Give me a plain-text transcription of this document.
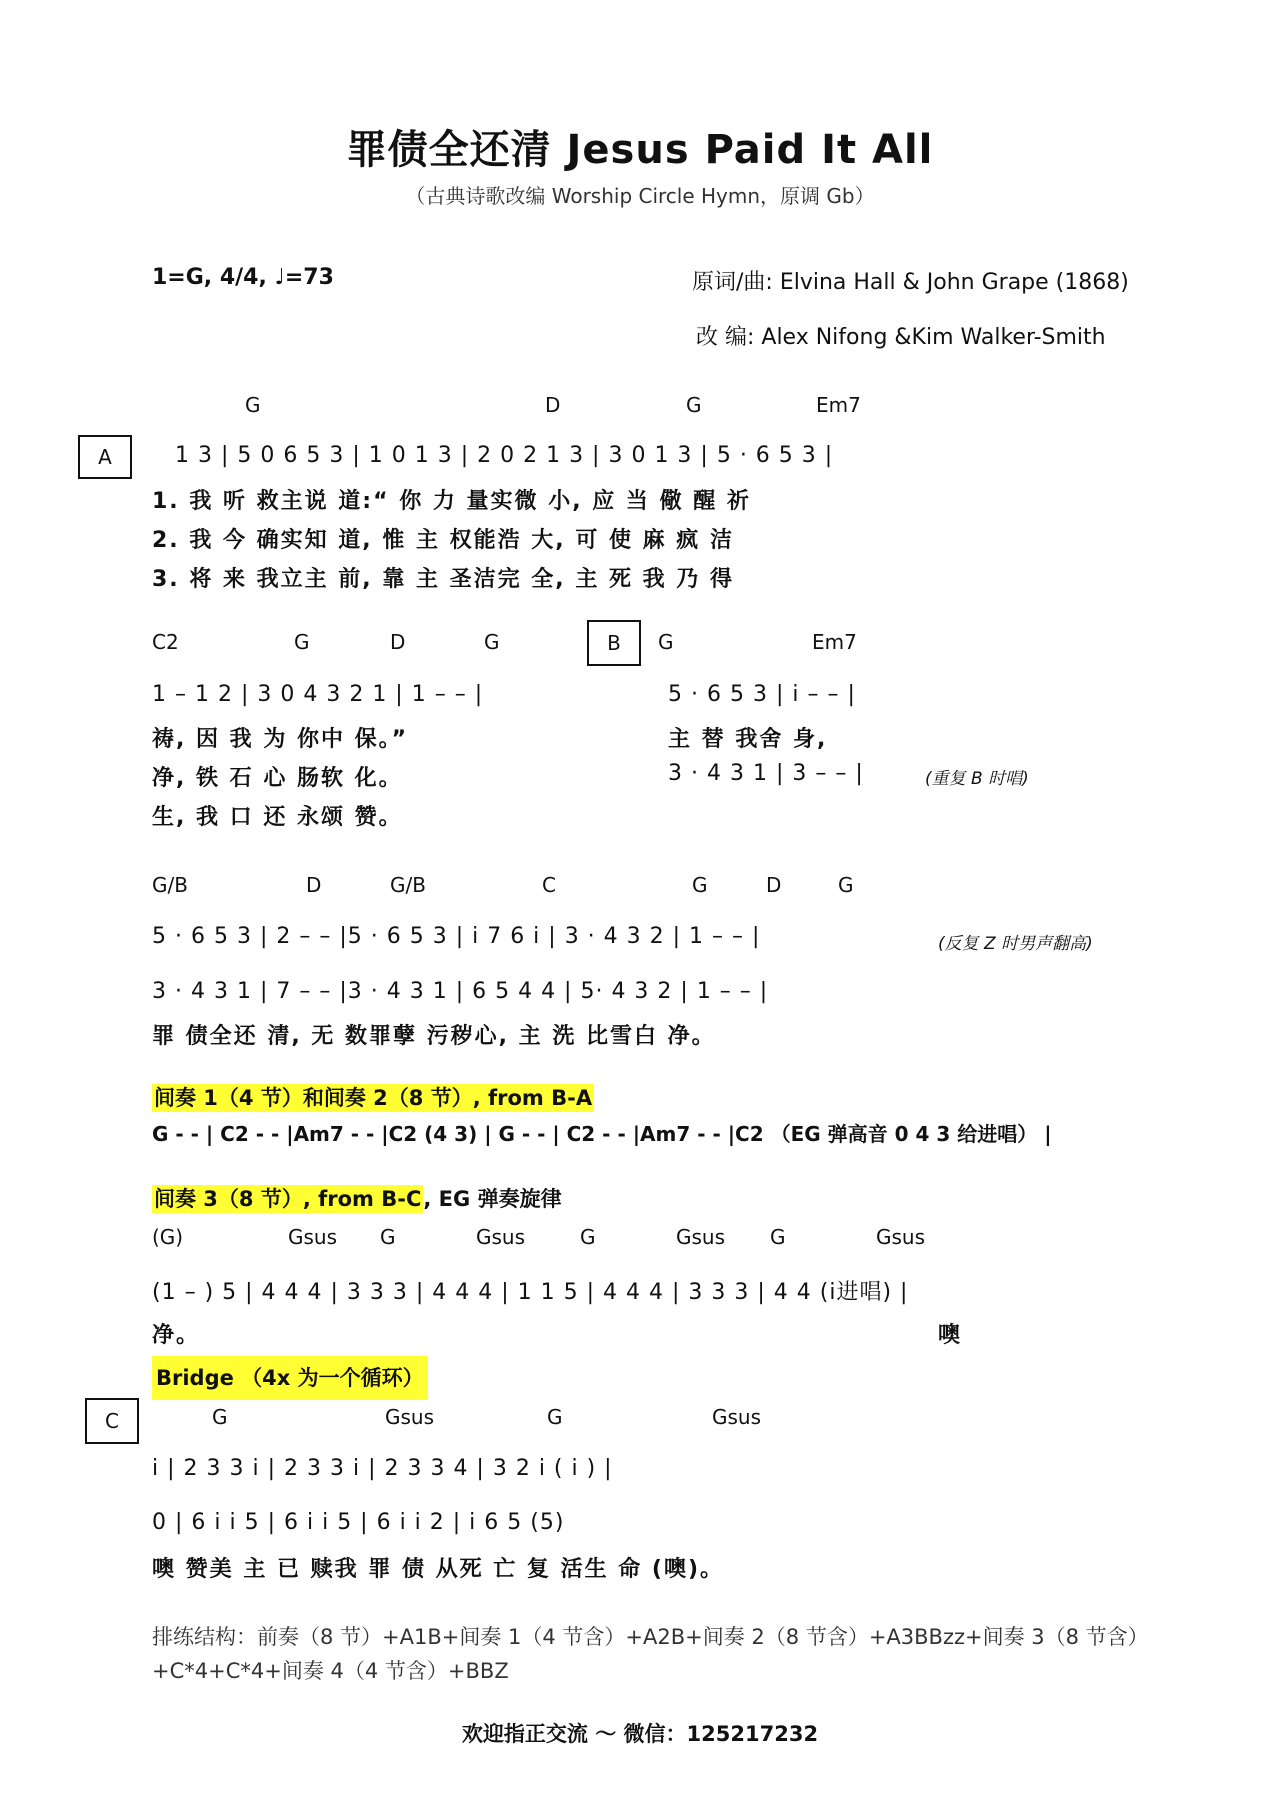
罪债全还清 Jesus Paid It All
（古典诗歌改编 Worship Circle Hymn，原调 Gb）
1=G, 4/4, ♩=73	原词/曲: Elvina Hall & John Grape (1868)
改 编: Alex Nifong &Kim Walker-Smith
A
G	D	G	Em7
1 3 | 5 0 6 5 3 | 1 0 1 3 | 2 0 2 1 3 | 3 0 1 3 | 5 · 6 5 3 |
1. 我 听 救主说 道:“ 你 力 量实微 小, 应 当 儆 醒 祈
2. 我 今 确实知 道, 惟 主 权能浩 大, 可 使 麻 疯 洁
3. 将 来 我立主 前, 靠 主 圣洁完 全, 主 死 我 乃 得
C2	G	D	G	B	G	Em7
1 – 1 2 | 3 0 4 3 2 1 | 1 – – |	5 · 6 5 3 | i – – |
祷, 因 我 为 你中 保。”	主 替 我舍 身,
净, 铁 石 心 肠软 化。	3 · 4 3 1 | 3 – – |	(重复 B 时唱)
生, 我 口 还 永颂 赞。
G/B	D	G/B	C	G	D	G
5 · 6 5 3 | 2 – – |5 · 6 5 3 | i 7 6 i | 3 · 4 3 2 | 1 – – |	(反复 Z 时男声翻高)
3 · 4 3 1 | 7 – – |3 · 4 3 1 | 6 5 4 4 | 5· 4 3 2 | 1 – – |
罪 债全还 清, 无 数罪孽 污秽心, 主 洗 比雪白 净。
间奏 1（4 节）和间奏 2（8 节）, from B-A
G - - | C2 - - |Am7 - - |C2 (4 3) | G - - | C2 - - |Am7 - - |C2 （EG 弹高音 0 4 3 给进唱） |
间奏 3（8 节）, from B-C, EG 弹奏旋律
(G)	Gsus G	Gsus	G	Gsus G	Gsus
(1 – ) 5 | 4 4 4 | 3 3 3 | 4 4 4 | 1 1 5 | 4 4 4 | 3 3 3 | 4 4 (i进唱) |
净。	噢
Bridge （4x 为一个循环）
C	G	Gsus	G	Gsus
i | 2 3 3 i | 2 3 3 i | 2 3 3 4 | 3 2 i ( i ) |
0 | 6 i i 5 | 6 i i 5 | 6 i i 2 | i 6 5 (5)
噢 赞美 主 已 赎我 罪 债 从死 亡 复 活生 命 (噢)。
排练结构：前奏（8 节）+A1B+间奏 1（4 节含）+A2B+间奏 2（8 节含）+A3BBzz+间奏 3（8 节含）+C*4+C*4+间奏 4（4 节含）+BBZ
欢迎指正交流 ～ 微信：125217232
